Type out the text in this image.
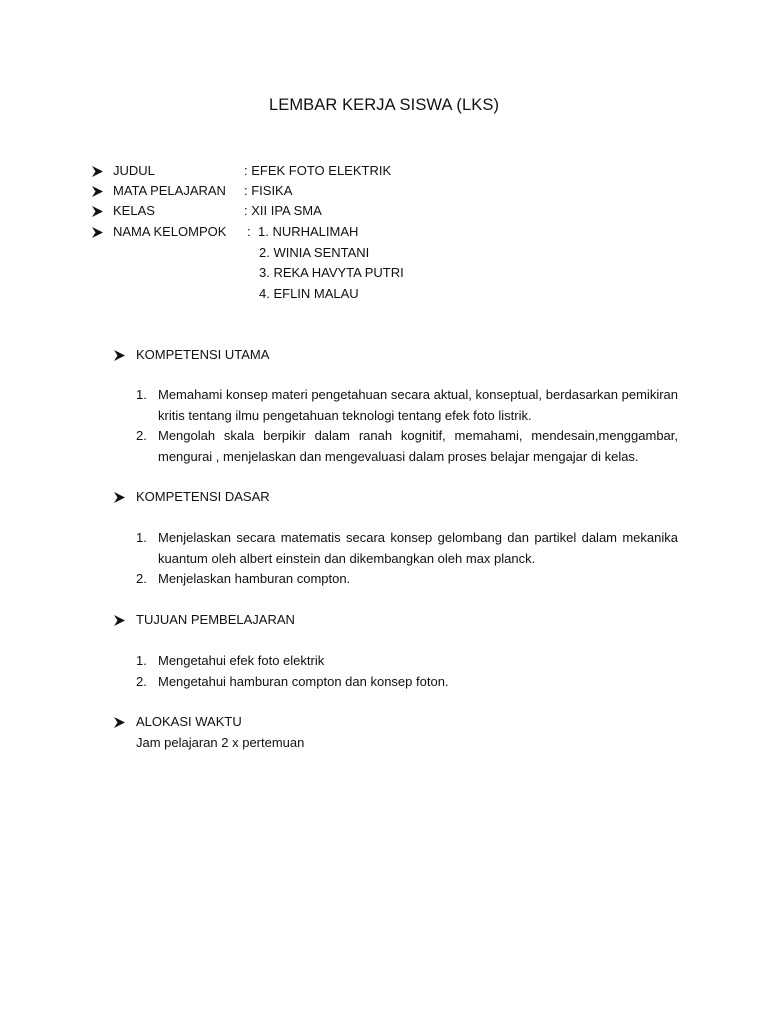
LEMBAR KERJA SISWA (LKS)
JUDUL	: EFEK FOTO ELEKTRIK
MATA PELAJARAN : FISIKA
KELAS	: XII IPA SMA
NAMA KELOMPOK : 1. NURHALIMAH
2. WINIA SENTANI
3. REKA HAVYTA PUTRI
4. EFLIN MALAU
KOMPETENSI UTAMA
1. Memahami konsep materi pengetahuan secara aktual, konseptual, berdasarkan pemikiran kritis tentang ilmu pengetahuan teknologi tentang efek foto listrik.
2. Mengolah skala berpikir dalam ranah kognitif, memahami, mendesain,menggambar, mengurai , menjelaskan dan mengevaluasi dalam proses belajar mengajar di kelas.
KOMPETENSI DASAR
1. Menjelaskan secara matematis secara konsep gelombang dan partikel dalam mekanika kuantum oleh albert einstein dan dikembangkan oleh max planck.
2. Menjelaskan hamburan compton.
TUJUAN PEMBELAJARAN
1. Mengetahui efek foto elektrik
2. Mengetahui hamburan compton dan konsep foton.
ALOKASI WAKTU
Jam pelajaran 2 x pertemuan
